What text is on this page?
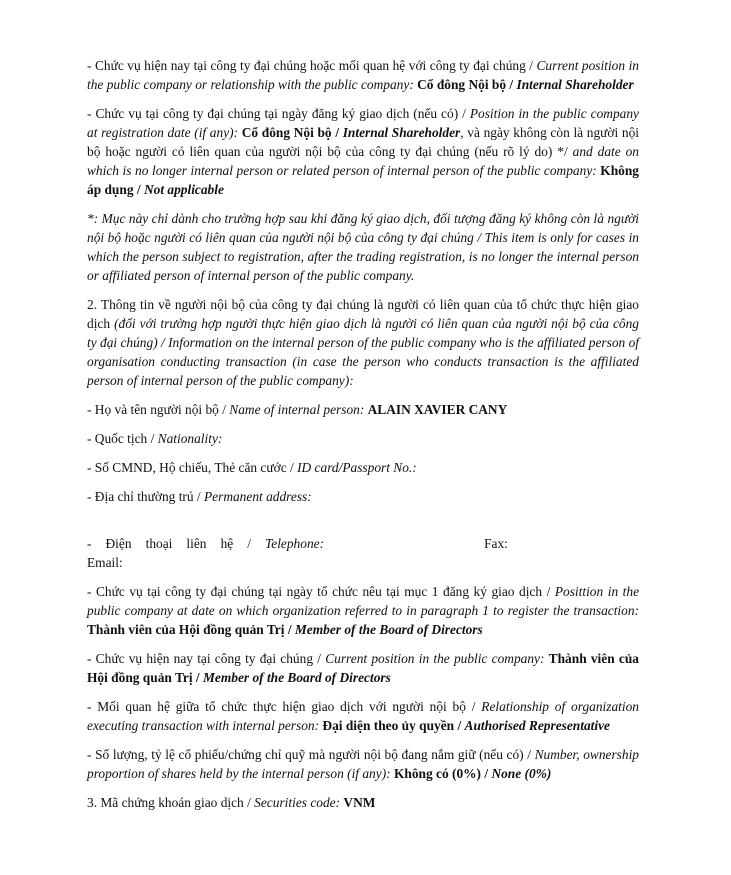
- Chức vụ hiện nay tại công ty đại chúng hoặc mối quan hệ với công ty đại chúng / Current position in the public company or relationship with the public company: Cổ đông Nội bộ / Internal Shareholder

- Chức vụ tại công ty đại chúng tại ngày đăng ký giao dịch (nếu có) / Position in the public company at registration date (if any): Cổ đông Nội bộ / Internal Shareholder, và ngày không còn là người nội bộ hoặc người có liên quan của người nội bộ của công ty đại chúng (nếu rõ lý do) */ and date on which is no longer internal person or related person of internal person of the public company: Không áp dụng / Not applicable

*: Mục này chỉ dành cho trường hợp sau khi đăng ký giao dịch, đối tượng đăng ký không còn là người nội bộ hoặc người có liên quan của người nội bộ của công ty đại chúng / This item is only for cases in which the person subject to registration, after the trading registration, is no longer the internal person or affiliated person of internal person of the public company.

2. Thông tin về người nội bộ của công ty đại chúng là người có liên quan của tổ chức thực hiện giao dịch (đối với trường hợp người thực hiện giao dịch là người có liên quan của người nội bộ của công ty đại chúng) / Information on the internal person of the public company who is the affiliated person of organisation conducting transaction (in case the person who conducts transaction is the affiliated person of internal person of the public company):

- Họ và tên người nội bộ / Name of internal person: ALAIN XAVIER CANY

- Quốc tịch / Nationality:

- Số CMND, Hộ chiếu, Thẻ căn cước / ID card/Passport No.:

- Địa chỉ thường trú / Permanent address:

- Điện thoại liên hệ / Telephone:	Fax:

Email:

- Chức vụ tại công ty đại chúng tại ngày tổ chức nêu tại mục 1 đăng ký giao dịch / Posittion in the public company at date on which organization referred to in paragraph 1 to register the transaction: Thành viên của Hội đồng quản Trị / Member of the Board of Directors

- Chức vụ hiện nay tại công ty đại chúng / Current position in the public company: Thành viên của Hội đồng quản Trị / Member of the Board of Directors

- Mối quan hệ giữa tổ chức thực hiện giao dịch với người nội bộ / Relationship of organization executing transaction with internal person: Đại diện theo ủy quyền / Authorised Representative

- Số lượng, tỷ lệ cổ phiếu/chứng chỉ quỹ mà người nội bộ đang nắm giữ (nếu có) / Number, ownership proportion of shares held by the internal person (if any): Không có (0%) / None (0%)

3. Mã chứng khoán giao dịch / Securities code: VNM
